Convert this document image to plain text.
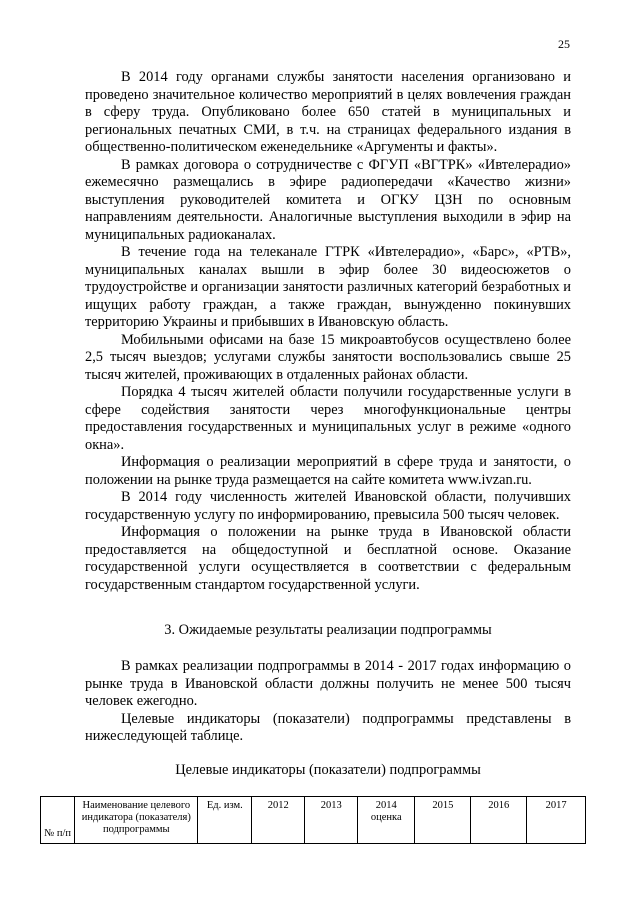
25

В 2014 году органами службы занятости населения организовано и проведено значительное количество мероприятий в целях вовлечения граждан в сферу труда. Опубликовано более 650 статей в муниципальных и региональных печатных СМИ, в т.ч. на страницах федерального издания в общественно-политическом еженедельнике «Аргументы и факты».

В рамках договора о сотрудничестве с ФГУП «ВГТРК» «Ивтелерадио» ежемесячно размещались в эфире радиопередачи «Качество жизни» выступления руководителей комитета и ОГКУ ЦЗН по основным направлениям деятельности. Аналогичные выступления выходили в эфир на муниципальных радиоканалах.

В течение года на телеканале ГТРК «Ивтелерадио», «Барс», «РТВ», муниципальных каналах вышли в эфир более 30 видеосюжетов о трудоустройстве и организации занятости различных категорий безработных и ищущих работу граждан, а также граждан, вынужденно покинувших территорию Украины и прибывших в Ивановскую область.

Мобильными офисами на базе 15 микроавтобусов осуществлено более 2,5 тысяч выездов; услугами службы занятости воспользовались свыше 25 тысяч жителей, проживающих в отдаленных районах области.

Порядка 4 тысяч жителей области получили государственные услуги в сфере содействия занятости через многофункциональные центры предоставления государственных и муниципальных услуг в режиме «одного окна».

Информация о реализации мероприятий в сфере труда и занятости, о положении на рынке труда размещается на сайте комитета www.ivzan.ru.

В 2014 году численность жителей Ивановской области, получивших государственную услугу по информированию, превысила 500 тысяч человек.

Информация о положении на рынке труда в Ивановской области предоставляется на общедоступной и бесплатной основе. Оказание государственной услуги осуществляется в соответствии с федеральным государственным стандартом государственной услуги.

3. Ожидаемые результаты реализации подпрограммы

В рамках реализации подпрограммы в 2014 - 2017 годах информацию о рынке труда в Ивановской области должны получить не менее 500 тысяч человек ежегодно.

Целевые индикаторы (показатели) подпрограммы представлены в нижеследующей таблице.

Целевые индикаторы (показатели) подпрограммы
№ п/п	Наименование целевого индикатора (показателя) подпрограммы	Ед. изм.	2012	2013	2014 оценка	2015	2016	2017
